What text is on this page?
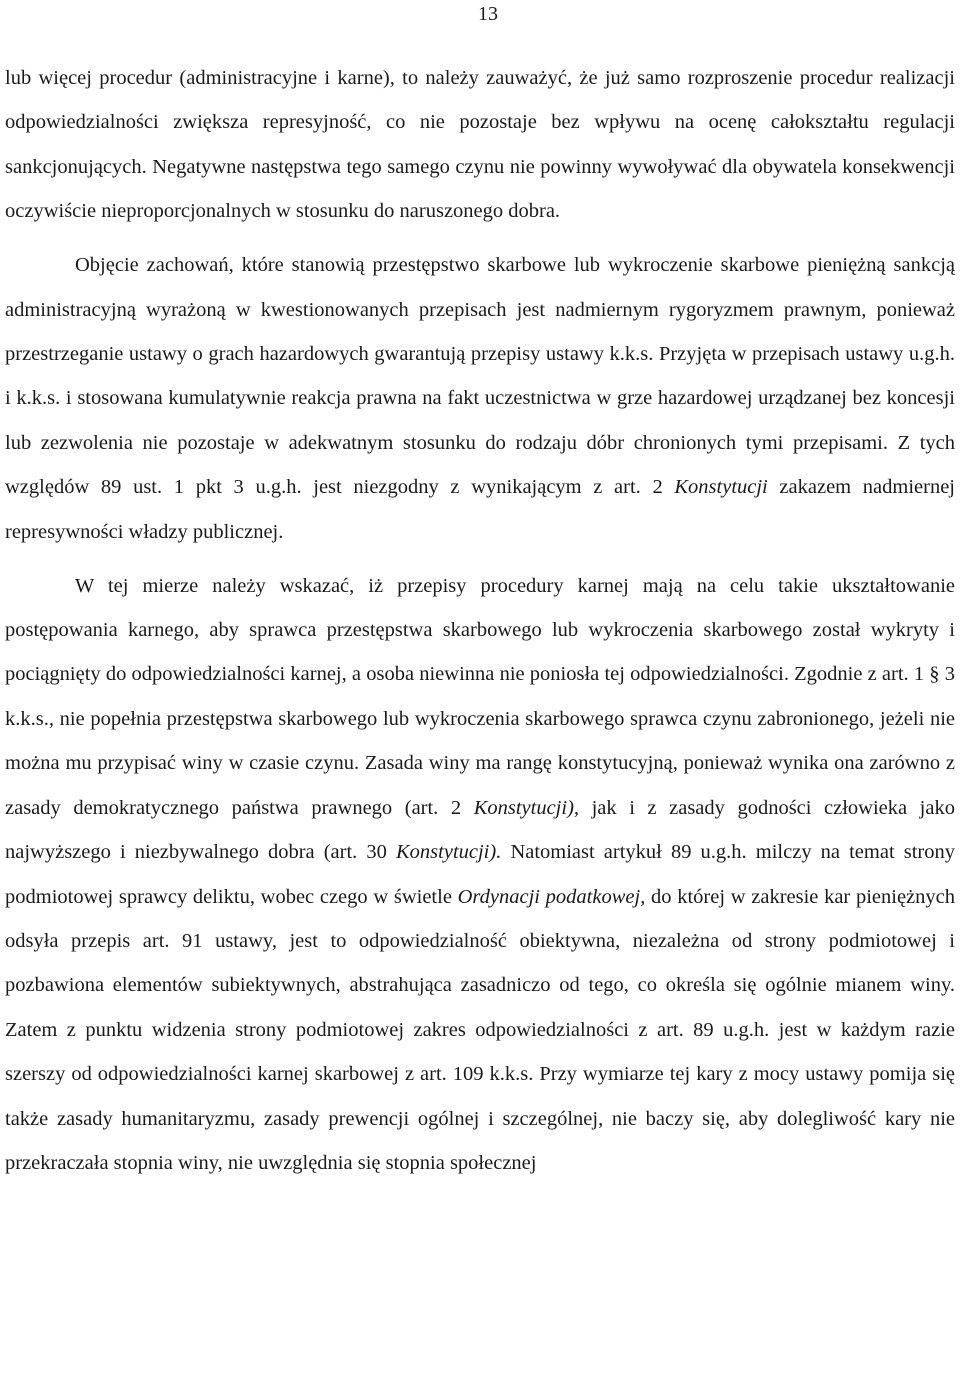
13

lub więcej procedur (administracyjne i karne), to należy zauważyć, że już samo rozproszenie procedur realizacji odpowiedzialności zwiększa represyjność, co nie pozostaje bez wpływu na ocenę całokształtu regulacji sankcjonujących. Negatywne następstwa tego samego czynu nie powinny wywoływać dla obywatela konsekwencji oczywiście nieproporcjonalnych w stosunku do naruszonego dobra.

Objęcie zachowań, które stanowią przestępstwo skarbowe lub wykroczenie skarbowe pieniężną sankcją administracyjną wyrażoną w kwestionowanych przepisach jest nadmiernym rygoryzmem prawnym, ponieważ przestrzeganie ustawy o grach hazardowych gwarantują przepisy ustawy k.k.s. Przyjęta w przepisach ustawy u.g.h. i k.k.s. i stosowana kumulatywnie reakcja prawna na fakt uczestnictwa w grze hazardowej urządzanej bez koncesji lub zezwolenia nie pozostaje w adekwatnym stosunku do rodzaju dóbr chronionych tymi przepisami. Z tych względów 89 ust. 1 pkt 3 u.g.h. jest niezgodny z wynikającym z art. 2 Konstytucji zakazem nadmiernej represywności władzy publicznej.

W tej mierze należy wskazać, iż przepisy procedury karnej mają na celu takie ukształtowanie postępowania karnego, aby sprawca przestępstwa skarbowego lub wykroczenia skarbowego został wykryty i pociągnięty do odpowiedzialności karnej, a osoba niewinna nie poniosła tej odpowiedzialności. Zgodnie z art. 1 § 3 k.k.s., nie popełnia przestępstwa skarbowego lub wykroczenia skarbowego sprawca czynu zabronionego, jeżeli nie można mu przypisać winy w czasie czynu. Zasada winy ma rangę konstytucyjną, ponieważ wynika ona zarówno z zasady demokratycznego państwa prawnego (art. 2 Konstytucji), jak i z zasady godności człowieka jako najwyższego i niezbywalnego dobra (art. 30 Konstytucji). Natomiast artykuł 89 u.g.h. milczy na temat strony podmiotowej sprawcy deliktu, wobec czego w świetle Ordynacji podatkowej, do której w zakresie kar pieniężnych odsyła przepis art. 91 ustawy, jest to odpowiedzialność obiektywna, niezależna od strony podmiotowej i pozbawiona elementów subiektywnych, abstrahująca zasadniczo od tego, co określa się ogólnie mianem winy. Zatem z punktu widzenia strony podmiotowej zakres odpowiedzialności z art. 89 u.g.h. jest w każdym razie szerszy od odpowiedzialności karnej skarbowej z art. 109 k.k.s. Przy wymiarze tej kary z mocy ustawy pomija się także zasady humanitaryzmu, zasady prewencji ogólnej i szczególnej, nie baczy się, aby dolegliwość kary nie przekraczała stopnia winy, nie uwzględnia się stopnia społecznej
